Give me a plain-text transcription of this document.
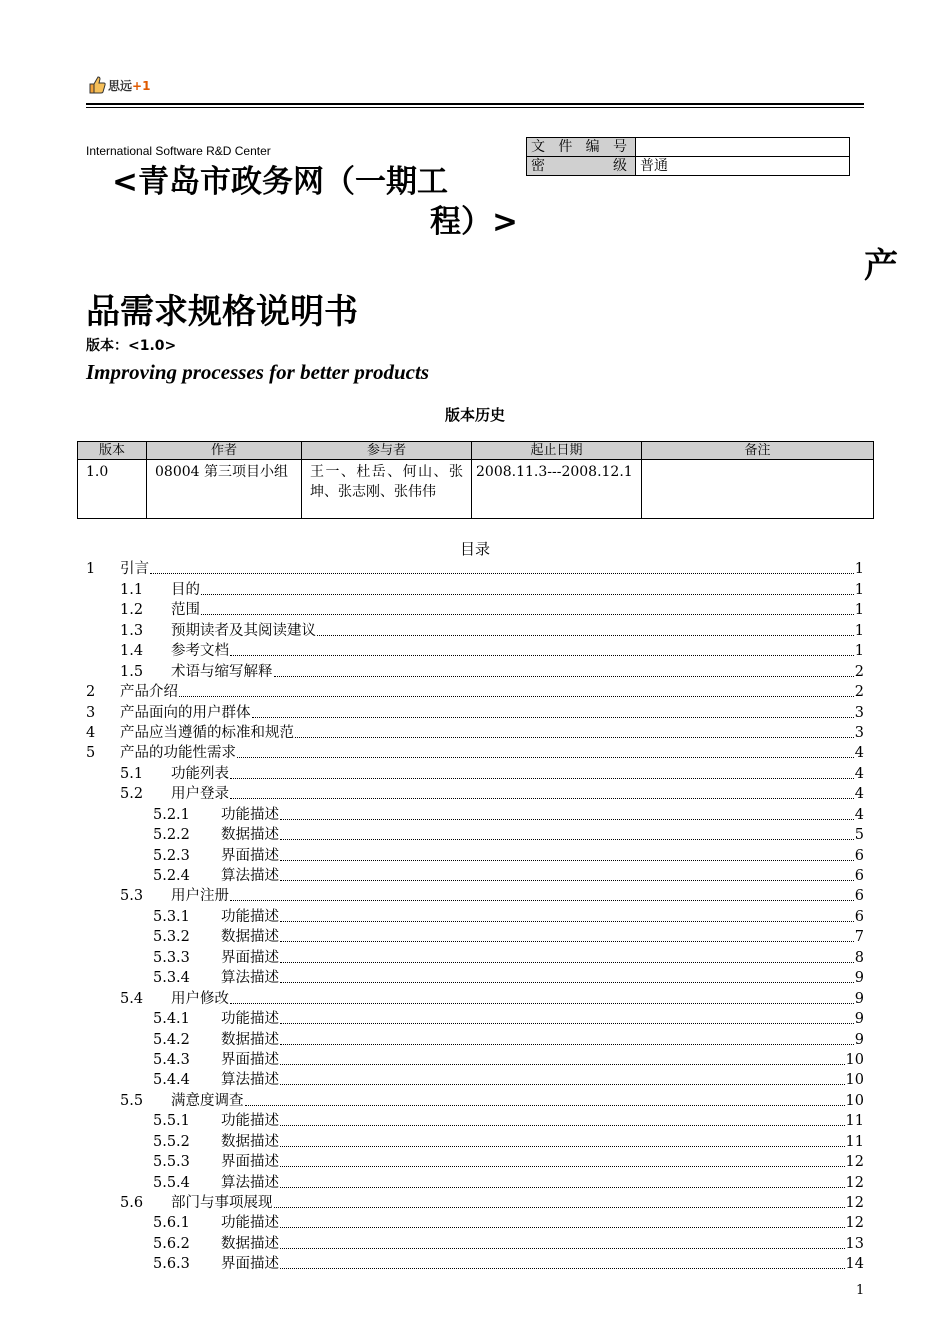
思远+1
International Software R&D Center	文件编号	
密级	普通
<青岛市政务网（一期工
程）>
产
品需求规格说明书
版本：<1.0>
Improving processes for better products
版本历史
版本	作者	参与者	起止日期	备注
1.0	08004 第三项目小组	王一、杜岳、何山、张坤、张志刚、张伟伟	2008.11.3---2008.12.1	
目录
1	引言	1
1.1	目的	1
1.2	范围	1
1.3	预期读者及其阅读建议	1
1.4	参考文档	1
1.5	术语与缩写解释	2
2	产品介绍	2
3	产品面向的用户群体	3
4	产品应当遵循的标准和规范	3
5	产品的功能性需求	4
5.1	功能列表	4
5.2	用户登录	4
5.2.1	功能描述	4
5.2.2	数据描述	5
5.2.3	界面描述	6
5.2.4	算法描述	6
5.3	用户注册	6
5.3.1	功能描述	6
5.3.2	数据描述	7
5.3.3	界面描述	8
5.3.4	算法描述	9
5.4	用户修改	9
5.4.1	功能描述	9
5.4.2	数据描述	9
5.4.3	界面描述	10
5.4.4	算法描述	10
5.5	满意度调查	10
5.5.1	功能描述	11
5.5.2	数据描述	11
5.5.3	界面描述	12
5.5.4	算法描述	12
5.6	部门与事项展现	12
5.6.1	功能描述	12
5.6.2	数据描述	13
5.6.3	界面描述	14
1
